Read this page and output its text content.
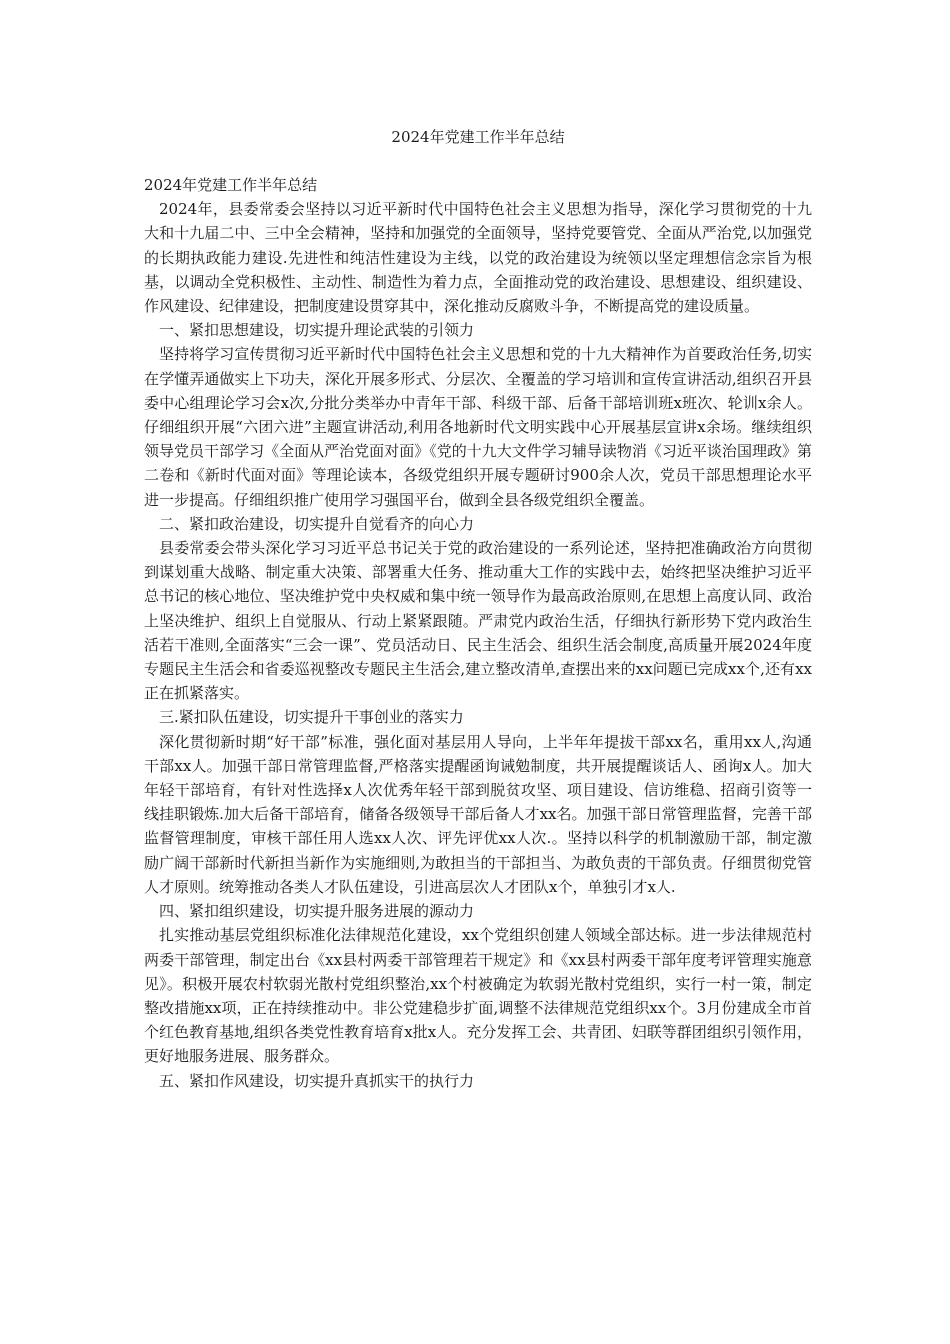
2024年党建工作半年总结

2024年党建工作半年总结

2024年，县委常委会坚持以习近平新时代中国特色社会主义思想为指导，深化学习贯彻党的十九大和十九届二中、三中全会精神，坚持和加强党的全面领导，坚持党要管党、全面从严治党,以加强党的长期执政能力建设.先进性和纯洁性建设为主线，以党的政治建设为统领以坚定理想信念宗旨为根基，以调动全党积极性、主动性、制造性为着力点，全面推动党的政治建设、思想建设、组织建设、作风建设、纪律建设，把制度建设贯穿其中，深化推动反腐败斗争，不断提高党的建设质量。

一、紧扣思想建设，切实提升理论武装的引领力

坚持将学习宣传贯彻习近平新时代中国特色社会主义思想和党的十九大精神作为首要政治任务,切实在学懂弄通做实上下功夫，深化开展多形式、分层次、全覆盖的学习培训和宣传宣讲活动,组织召开县委中心组理论学习会x次,分批分类举办中青年干部、科级干部、后备干部培训班x班次、轮训x余人。仔细组织开展“六团六进”主题宣讲活动,利用各地新时代文明实践中心开展基层宣讲x余场。继续组织领导党员干部学习《全面从严治党面对面》《党的十九大文件学习辅导读物消《习近平谈治国理政》第二卷和《新时代面对面》等理论读本，各级党组织开展专题研讨900余人次，党员干部思想理论水平进一步提高。仔细组织推广使用学习强国平台，做到全县各级党组织全覆盖。

二、紧扣政治建设，切实提升自觉看齐的向心力

县委常委会带头深化学习习近平总书记关于党的政治建设的一系列论述，坚持把准确政治方向贯彻到谋划重大战略、制定重大决策、部署重大任务、推动重大工作的实践中去，始终把坚决维护习近平总书记的核心地位、坚决维护党中央权威和集中统一领导作为最高政治原则,在思想上高度认同、政治上坚决维护、组织上自觉服从、行动上紧紧跟随。严肃党内政治生活，仔细执行新形势下党内政治生活若干准则,全面落实“三会一课”、党员活动日、民主生活会、组织生活会制度,高质量开展2024年度专题民主生活会和省委巡视整改专题民主生活会,建立整改清单,查摆出来的xx问题已完成xx个,还有xx正在抓紧落实。

三.紧扣队伍建设，切实提升干事创业的落实力

深化贯彻新时期“好干部”标准，强化面对基层用人导向，上半年年提拔干部xx名，重用xx人,沟通干部xx人。加强干部日常管理监督,严格落实提醒函询诫勉制度，共开展提醒谈话人、函询x人。加大年轻干部培育，有针对性选择x人次优秀年轻干部到脱贫攻坚、项目建设、信访维稳、招商引资等一线挂职锻炼.加大后备干部培育，储备各级领导干部后备人才xx名。加强干部日常管理监督，完善干部监督管理制度，审核干部任用人选xx人次、评先评优xx人次.。坚持以科学的机制激励干部，制定激励广阔干部新时代新担当新作为实施细则,为敢担当的干部担当、为敢负责的干部负责。仔细贯彻党管人才原则。统筹推动各类人才队伍建设，引进高层次人才团队x个，单独引才x人.

四、紧扣组织建设，切实提升服务进展的源动力

扎实推动基层党组织标准化法律规范化建设，xx个党组织创建人领域全部达标。进一步法律规范村两委干部管理，制定出台《xx县村两委干部管理若干规定》和《xx县村两委干部年度考评管理实施意见》。积极开展农村软弱光散村党组织整治,xx个村被确定为软弱光散村党组织，实行一村一策，制定整改措施xx项，正在持续推动中。非公党建稳步扩面,调整不法律规范党组织xx个。3月份建成全市首个红色教育基地,组织各类党性教育培育x批x人。充分发挥工会、共青团、妇联等群团组织引领作用，更好地服务进展、服务群众。

五、紧扣作风建设，切实提升真抓实干的执行力
